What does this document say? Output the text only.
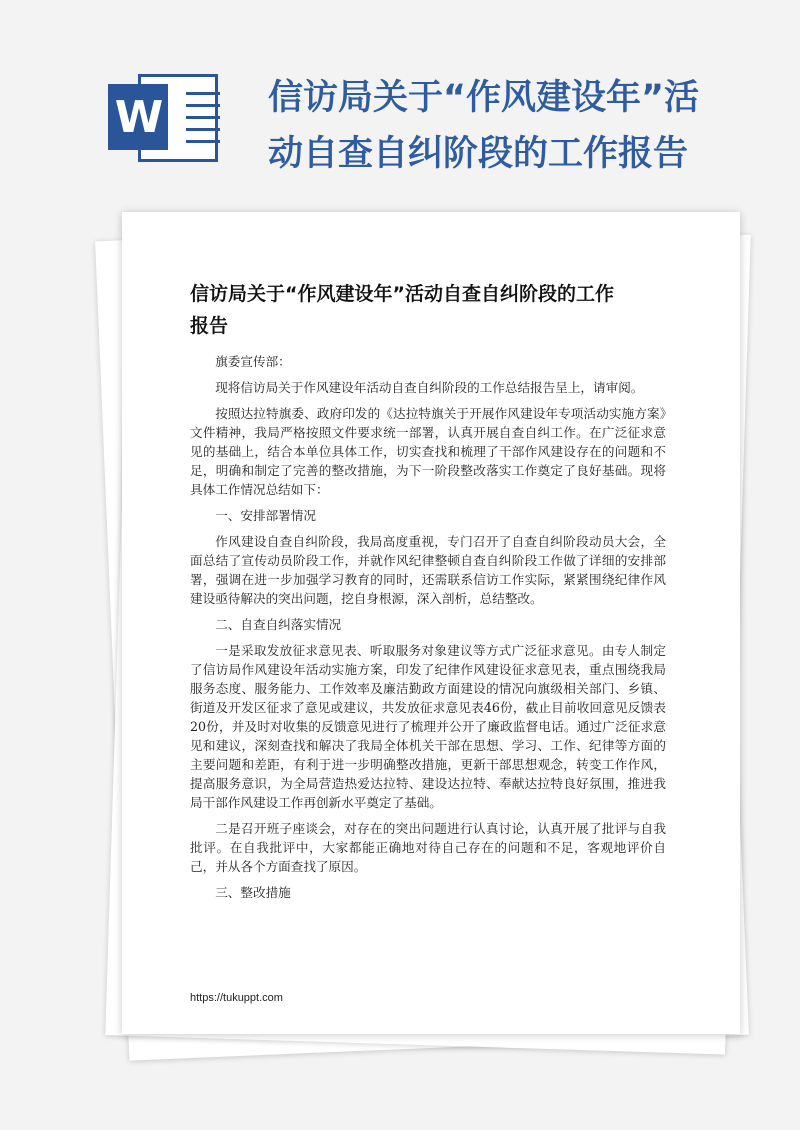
W	信访局关于“作风建设年”活
动自查自纠阶段的工作报告
信访局关于“作风建设年”活动自查自纠阶段的工作
报告

旗委宣传部：

现将信访局关于作风建设年活动自查自纠阶段的工作总结报告呈上，请审阅。

按照达拉特旗委、政府印发的《达拉特旗关于开展作风建设年专项活动实施方案》文件精神，我局严格按照文件要求统一部署，认真开展自查自纠工作。在广泛征求意见的基础上，结合本单位具体工作，切实查找和梳理了干部作风建设存在的问题和不足，明确和制定了完善的整改措施，为下一阶段整改落实工作奠定了良好基础。现将具体工作情况总结如下：

一、安排部署情况

作风建设自查自纠阶段，我局高度重视，专门召开了自查自纠阶段动员大会，全面总结了宣传动员阶段工作，并就作风纪律整顿自查自纠阶段工作做了详细的安排部署，强调在进一步加强学习教育的同时，还需联系信访工作实际，紧紧围绕纪律作风建设亟待解决的突出问题，挖自身根源，深入剖析，总结整改。

二、自查自纠落实情况

一是采取发放征求意见表、听取服务对象建议等方式广泛征求意见。由专人制定了信访局作风建设年活动实施方案，印发了纪律作风建设征求意见表，重点围绕我局服务态度、服务能力、工作效率及廉洁勤政方面建设的情况向旗级相关部门、乡镇、街道及开发区征求了意见或建议，共发放征求意见表46份，截止目前收回意见反馈表20份，并及时对收集的反馈意见进行了梳理并公开了廉政监督电话。通过广泛征求意见和建议，深刻查找和解决了我局全体机关干部在思想、学习、工作、纪律等方面的主要问题和差距，有利于进一步明确整改措施，更新干部思想观念，转变工作作风，提高服务意识，为全局营造热爱达拉特、建设达拉特、奉献达拉特良好氛围，推进我局干部作风建设工作再创新水平奠定了基础。

二是召开班子座谈会，对存在的突出问题进行认真讨论，认真开展了批评与自我批评。在自我批评中，大家都能正确地对待自己存在的问题和不足，客观地评价自己，并从各个方面查找了原因。

三、整改措施

https://tukuppt.com
